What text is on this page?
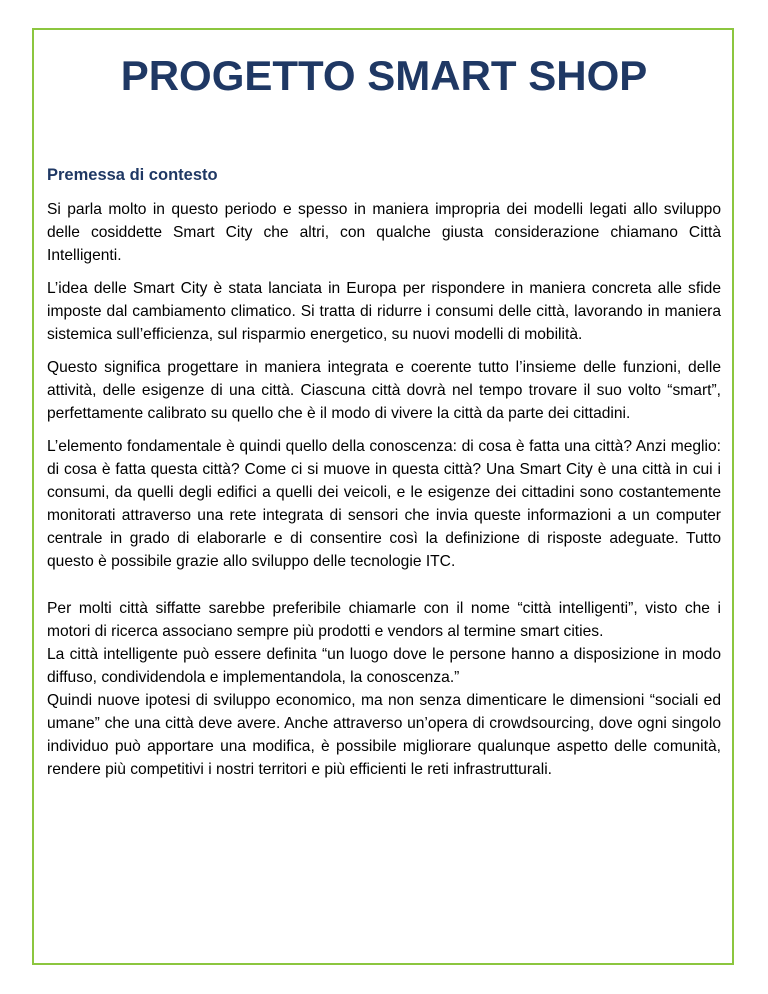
PROGETTO SMART SHOP
Premessa di contesto

Si parla molto in questo periodo e spesso in maniera impropria dei modelli legati allo sviluppo delle cosiddette Smart City che altri, con qualche giusta considerazione chiamano Città Intelligenti.

L’idea delle Smart City è stata lanciata in Europa per rispondere in maniera concreta alle sfide imposte dal cambiamento climatico. Si tratta di ridurre i consumi delle città, lavorando in maniera sistemica sull’efficienza, sul risparmio energetico, su nuovi modelli di mobilità.

Questo significa progettare in maniera integrata e coerente tutto l’insieme delle funzioni, delle attività, delle esigenze di una città. Ciascuna città dovrà nel tempo trovare il suo volto “smart”, perfettamente calibrato su quello che è il modo di vivere la città da parte dei cittadini.

L’elemento fondamentale è quindi quello della conoscenza: di cosa è fatta una città? Anzi meglio: di cosa è fatta questa città? Come ci si muove in questa città? Una Smart City è una città in cui i consumi, da quelli degli edifici a quelli dei veicoli, e le esigenze dei cittadini sono costantemente monitorati attraverso una rete integrata di sensori che invia queste informazioni a un computer centrale in grado di elaborarle e di consentire così la definizione di risposte adeguate. Tutto questo è possibile grazie allo sviluppo delle tecnologie ITC.

Per molti città siffatte sarebbe preferibile chiamarle con il nome “città intelligenti”, visto che i motori di ricerca associano sempre più prodotti e vendors al termine smart cities.

La città intelligente può essere definita “un luogo dove le persone hanno a disposizione in modo diffuso, condividendola e implementandola, la conoscenza.”

Quindi nuove ipotesi di sviluppo economico, ma non senza dimenticare le dimensioni “sociali ed umane” che una città deve avere. Anche attraverso un’opera di crowdsourcing, dove ogni singolo individuo può apportare una modifica, è possibile migliorare qualunque aspetto delle comunità, rendere più competitivi i nostri territori e più efficienti le reti infrastrutturali.
